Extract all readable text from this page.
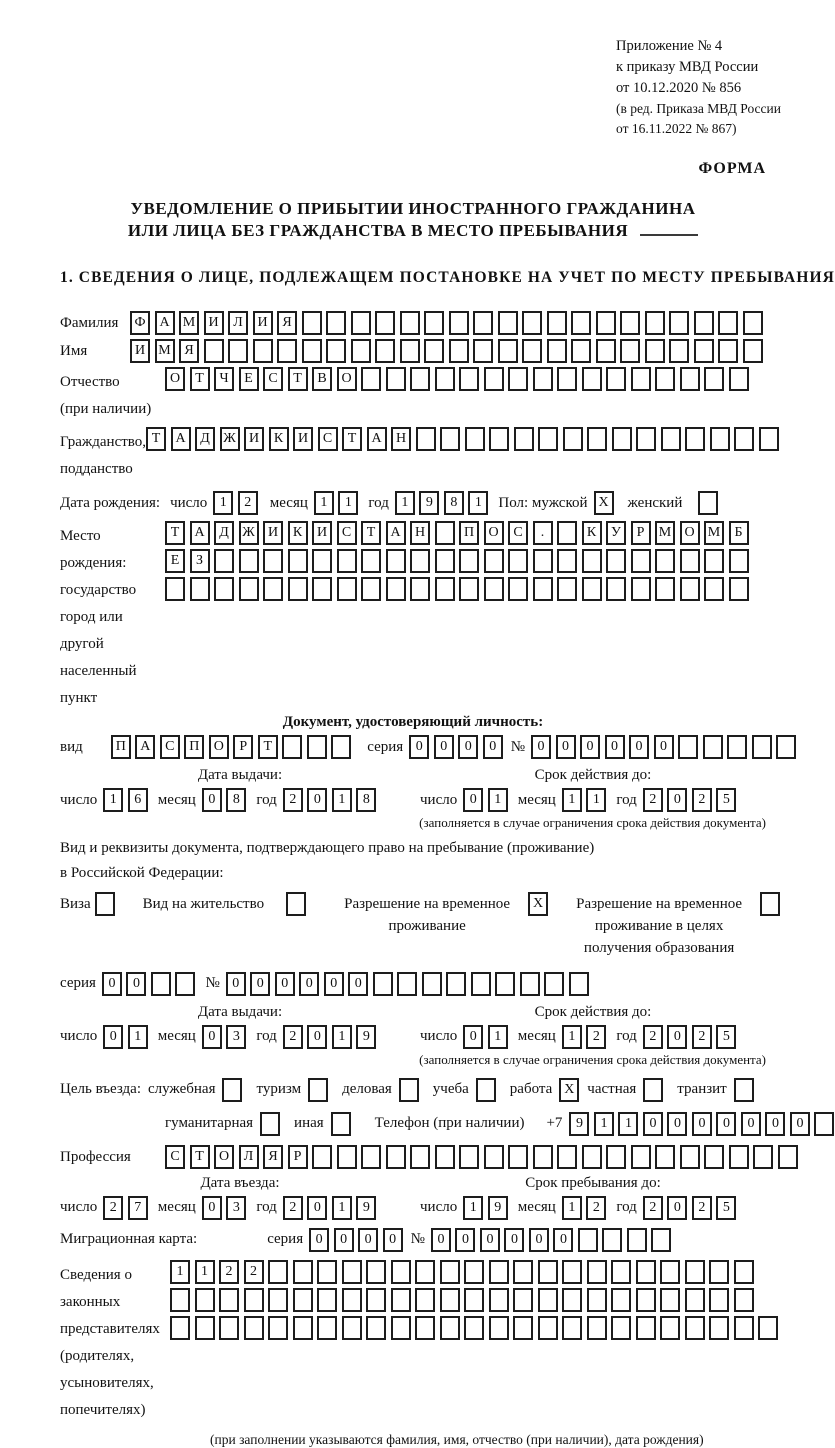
Приложение № 4
к приказу МВД России
от 10.12.2020 № 856
(в ред. Приказа МВД России
от 16.11.2022 № 867)
ФОРМА
УВЕДОМЛЕНИЕ О ПРИБЫТИИ ИНОСТРАННОГО ГРАЖДАНИНА
ИЛИ ЛИЦА БЕЗ ГРАЖДАНСТВА В МЕСТО ПРЕБЫВАНИЯ
1. СВЕДЕНИЯ О ЛИЦЕ, ПОДЛЕЖАЩЕМ ПОСТАНОВКЕ НА УЧЕТ ПО МЕСТУ ПРЕБЫВАНИЯ
Фамилия	Ф А М И	Л	И	Я
Имя	И М Я
Отчество
(при наличии)
О	Т	Ч	Е	С	Т	В	О
Гражданство,
подданство
Т	А	Д Ж И	К	И	С	Т	А	Н
Дата рождения: число 1	2	месяц 1	1	год 1	9	8	1	Пол: мужской X	женский
Место рождения:
государство
город или другой
населенный пункт
Т	А	Д Ж И	К	И	С	Т	А	Н	П	О	С	.	К	У	Р	М О М	Б
Е	З
Документ, удостоверяющий личность:
вид	П	А	С	П	О	Р	Т	серия 0	0	0	0 № 0	0	0	0	0	0
Дата выдачи:	Срок действия до:
число 1	6	месяц 0	8	год 2	0	1	8	число 0	1	месяц 1	1	год 2	0	2	5
(заполняется в случае ограничения срока действия документа)
Вид и реквизиты документа, подтверждающего право на пребывание (проживание)
в Российской Федерации:
Виза	Вид на жительство	Разрешение на временное проживание
X	Разрешение на временное проживание в целях получения образования
серия 0	0	№ 0	0	0	0	0	0
Дата выдачи:	Срок действия до:
число 0	1	месяц 0	3	год 2	0	1	9	число 0	1	месяц 1	2	год 2	0	2	5
(заполняется в случае ограничения срока действия документа)
Цель въезда: служебная	туризм	деловая	учеба	работа X частная	транзит
гуманитарная	иная	Телефон (при наличии) +7 9	1	1	0	0	0	0	0	0	0
Профессия	С	Т	О	Л	Я	Р
Дата въезда:	Срок пребывания до:
число 2	7	месяц 0	3	год 2	0	1	9	число 1	9	месяц 1	2	год 2	0	2	5
Миграционная карта:	серия 0	0	0	0 № 0	0	0	0	0	0
Сведения о законных представителях (родителях, усыновителях, попечителях)
1	1	2	2
(при заполнении указываются фамилия, имя, отчество (при наличии), дата рождения)
